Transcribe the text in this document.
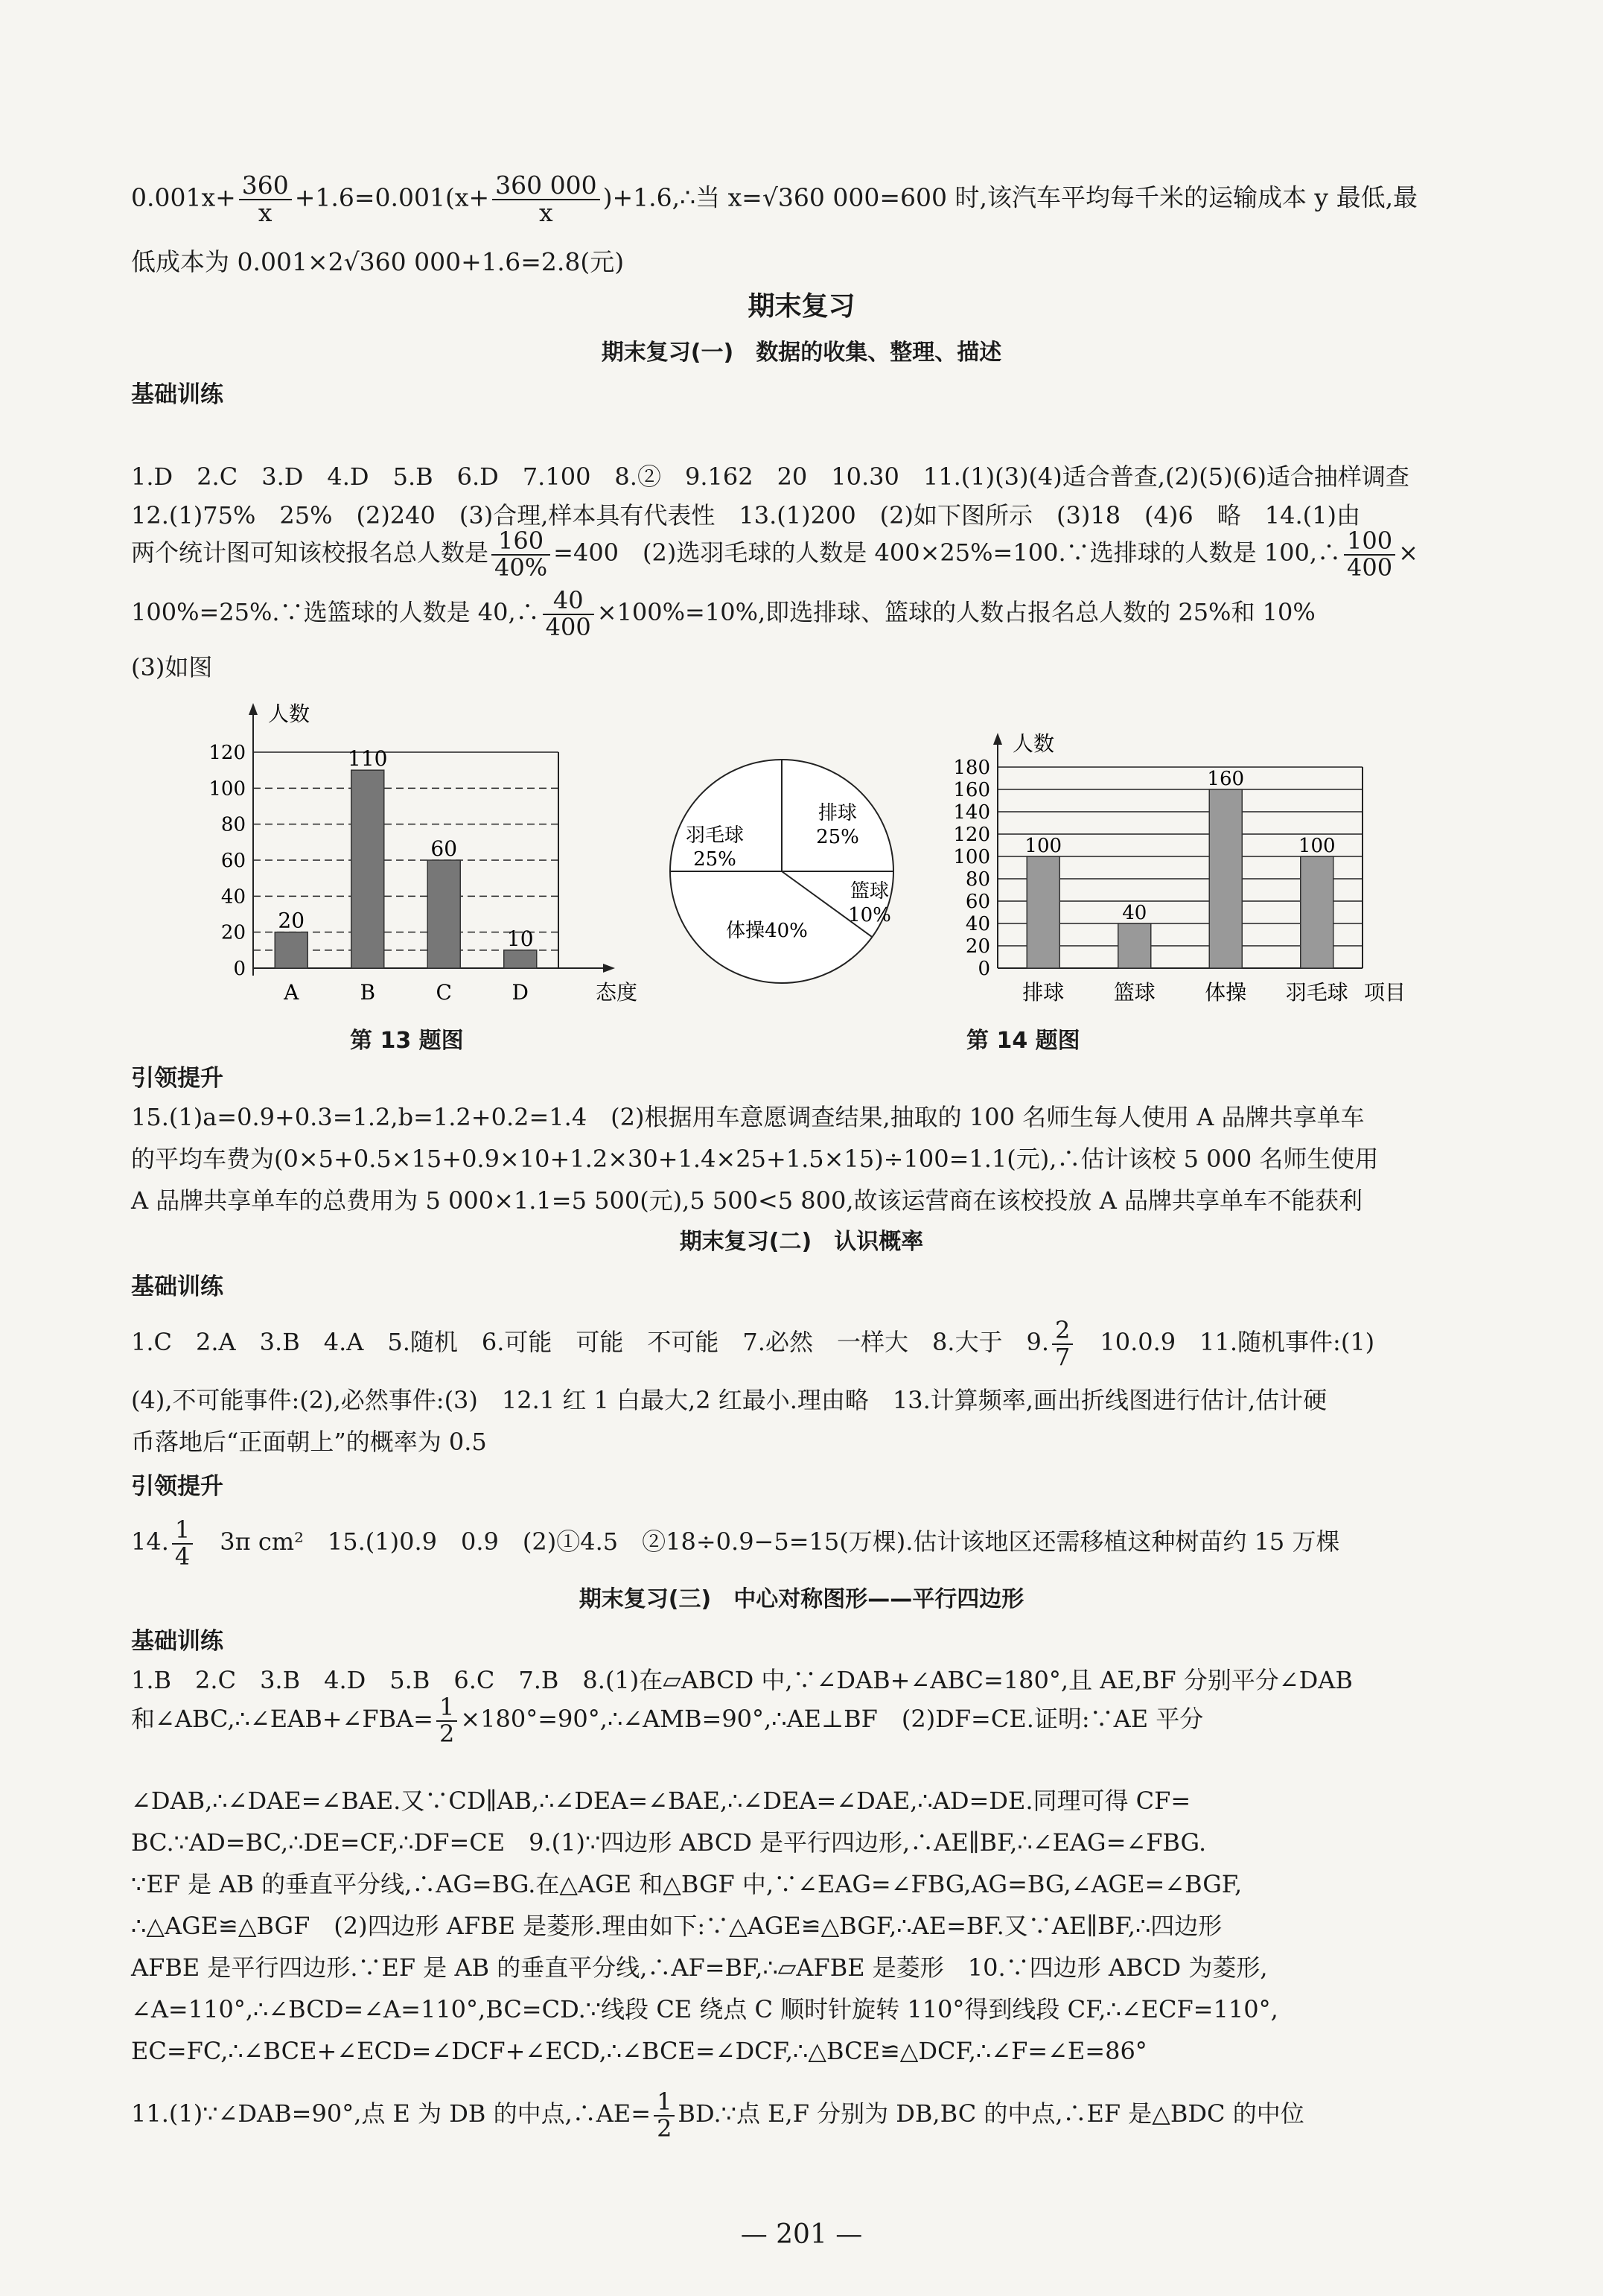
$0.001x+ \frac{360}{x} +1.6=0.001(x+ \frac{360 000}{x}$ )+1.6,∴当 x=√360 000=600 时,该汽车平均每千米的运输成本 y 最低,最
低成本为 0.001×2√360 000+1.6=2.8(元)
期末复习
期末复习(一)　数据的收集、整理、描述
基础训练
1.D　2.C　3.D　4.D　5.B　6.D　7.100　8.②　9.162　20　10.30　11.(1)(3)(4)适合普查,(2)(5)(6)适合抽样调查
12.(1)75%　25%　(2)240　(3)合理,样本具有代表性　13.(1)200　(2)如下图所示　(3)18　(4)6　略　14.(1)由
两个统计图可知该校报名总人数是 $\frac{160}{40\%} =400$　(2)选羽毛球的人数是 400×25%=100.∵选排球的人数是 100,∴ $\frac{100}{400}$ ×
100%=25%.∵选篮球的人数是 40,∴ $\frac{40}{400} \times 100\%=10\%$,即选排球、篮球的人数占报名总人数的 25%和 10%
(3)如图
0
20
40
60
80
100
120
人数
态度
20
A
110
B
60
C
10
D
排球 25%
篮球 10%
体操40%
羽毛球 25%
0
20
40
60
80
100
120
140
160
180
人数
项目
100
排球
40
篮球
160
体操
100
羽毛球
第 13 题图	第 14 题图
引领提升
15.(1)a=0.9+0.3=1.2,b=1.2+0.2=1.4　(2)根据用车意愿调查结果,抽取的 100 名师生每人使用 A 品牌共享单车
的平均车费为(0×5+0.5×15+0.9×10+1.2×30+1.4×25+1.5×15)÷100=1.1(元),∴估计该校 5 000 名师生使用
A 品牌共享单车的总费用为 5 000×1.1=5 500(元),5 500<5 800,故该运营商在该校投放 A 品牌共享单车不能获利
期末复习(二)　认识概率
基础训练
1.C　2.A　3.B　4.A　5.随机　6.可能　可能　不可能　7.必然　一样大　8.大于　9. $\frac{2}{7}$ 　10.0.9　11.随机事件:(1)
(4),不可能事件:(2),必然事件:(3)　12.1 红 1 白最大,2 红最小.理由略　13.计算频率,画出折线图进行估计,估计硬
币落地后“正面朝上”的概率为 0.5
引领提升
14. $\frac{1}{4}$ 　3π cm²　15.(1)0.9　0.9　(2)①4.5　②18÷0.9−5=15(万棵).估计该地区还需移植这种树苗约 15 万棵
期末复习(三)　中心对称图形——平行四边形
基础训练
1.B　2.C　3.B　4.D　5.B　6.C　7.B　8.(1)在▱ABCD 中,∵∠DAB+∠ABC=180°,且 AE,BF 分别平分∠DAB
和∠ABC,∴∠EAB+∠FBA= $\frac{1}{2}$ ×180°=90°,∴∠AMB=90°,∴AE⊥BF　(2)DF=CE.证明:∵AE 平分
∠DAB,∴∠DAE=∠BAE.又∵CD∥AB,∴∠DEA=∠BAE,∴∠DEA=∠DAE,∴AD=DE.同理可得 CF=
BC.∵AD=BC,∴DE=CF,∴DF=CE　9.(1)∵四边形 ABCD 是平行四边形,∴AE∥BF,∴∠EAG=∠FBG.
∵EF 是 AB 的垂直平分线,∴AG=BG.在△AGE 和△BGF 中,∵∠EAG=∠FBG,AG=BG,∠AGE=∠BGF,
∴△AGE≌△BGF　(2)四边形 AFBE 是菱形.理由如下:∵△AGE≌△BGF,∴AE=BF.又∵AE∥BF,∴四边形
AFBE 是平行四边形.∵EF 是 AB 的垂直平分线,∴AF=BF,∴▱AFBE 是菱形　10.∵四边形 ABCD 为菱形,
∠A=110°,∴∠BCD=∠A=110°,BC=CD.∵线段 CE 绕点 C 顺时针旋转 110°得到线段 CF,∴∠ECF=110°,
EC=FC,∴∠BCE+∠ECD=∠DCF+∠ECD,∴∠BCE=∠DCF,∴△BCE≌△DCF,∴∠F=∠E=86°
11.(1)∵∠DAB=90°,点 E 为 DB 的中点,∴AE= $\frac{1}{2}$ BD.∵点 E,F 分别为 DB,BC 的中点,∴EF 是△BDC 的中位
— 201 —
